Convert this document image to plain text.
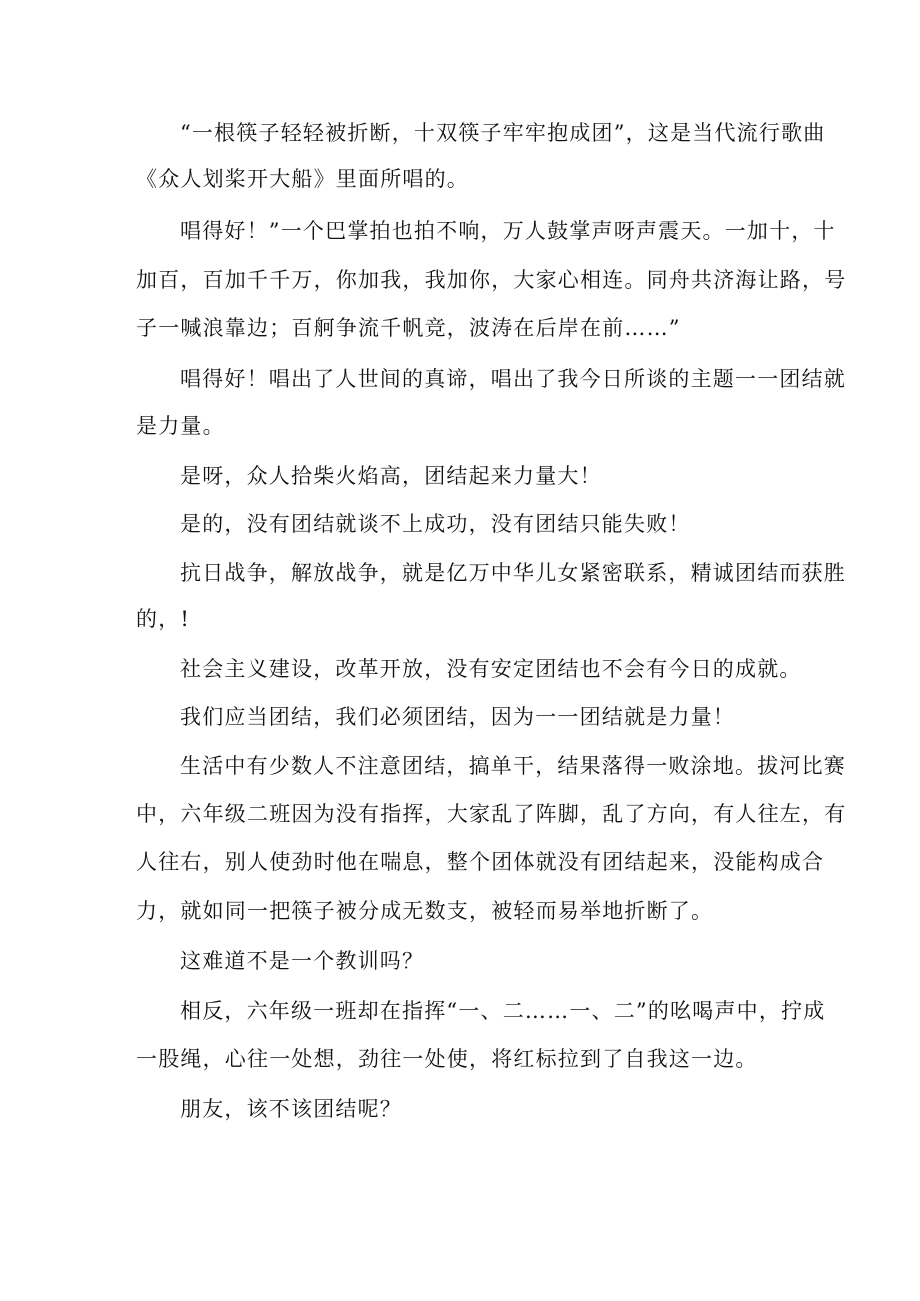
“一根筷子轻轻被折断，十双筷子牢牢抱成团”，这是当代流行歌曲
《众人划桨开大船》里面所唱的。
唱得好！”一个巴掌拍也拍不响，万人鼓掌声呀声震天。一加十，十
加百，百加千千万，你加我，我加你，大家心相连。同舟共济海让路，号
子一喊浪靠边；百舸争流千帆竞，波涛在后岸在前……”
唱得好！唱出了人世间的真谛，唱出了我今日所谈的主题一一团结就
是力量。
是呀，众人拾柴火焰高，团结起来力量大！
是的，没有团结就谈不上成功，没有团结只能失败！
抗日战争，解放战争，就是亿万中华儿女紧密联系，精诚团结而获胜
的，!
社会主义建设，改革开放，没有安定团结也不会有今日的成就。
我们应当团结，我们必须团结，因为一一团结就是力量！
生活中有少数人不注意团结，搞单干，结果落得一败涂地。拔河比赛
中，六年级二班因为没有指挥，大家乱了阵脚，乱了方向，有人往左，有
人往右，别人使劲时他在喘息，整个团体就没有团结起来，没能构成合
力，就如同一把筷子被分成无数支，被轻而易举地折断了。
这难道不是一个教训吗？
相反，六年级一班却在指挥“一、二……一、二”的吆喝声中，拧成
一股绳，心往一处想，劲往一处使，将红标拉到了自我这一边。
朋友，该不该团结呢？
